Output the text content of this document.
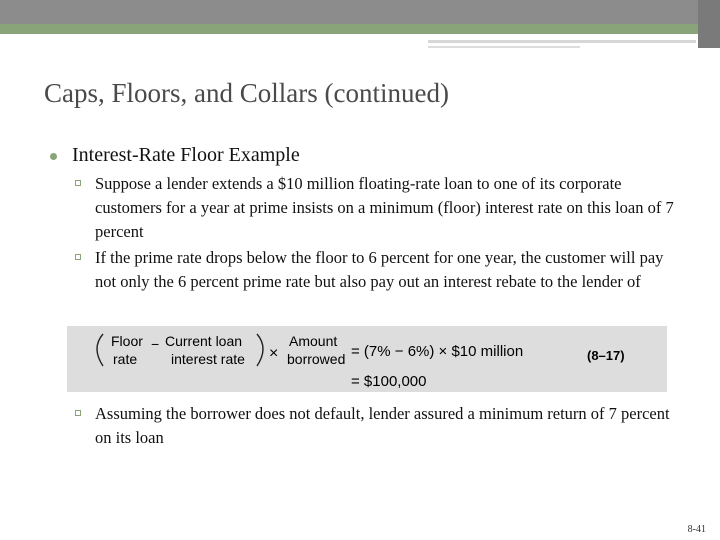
Caps, Floors, and Collars (continued)
Interest-Rate Floor Example
Suppose a lender extends a $10 million floating-rate loan to one of its corporate customers for a year at prime insists on a minimum (floor) interest rate on this loan of 7 percent
If the prime rate drops below the floor to 6 percent for one year, the customer will pay not only the 6 percent prime rate but also pay out an interest rebate to the lender of
Floor
rate
− Current loan
interest rate ×
Amount
borrowed = (7% − 6%) × $10 million
= $100,000
(8–17)
Assuming the borrower does not default, lender assured a minimum return of 7 percent on its loan
8-41
